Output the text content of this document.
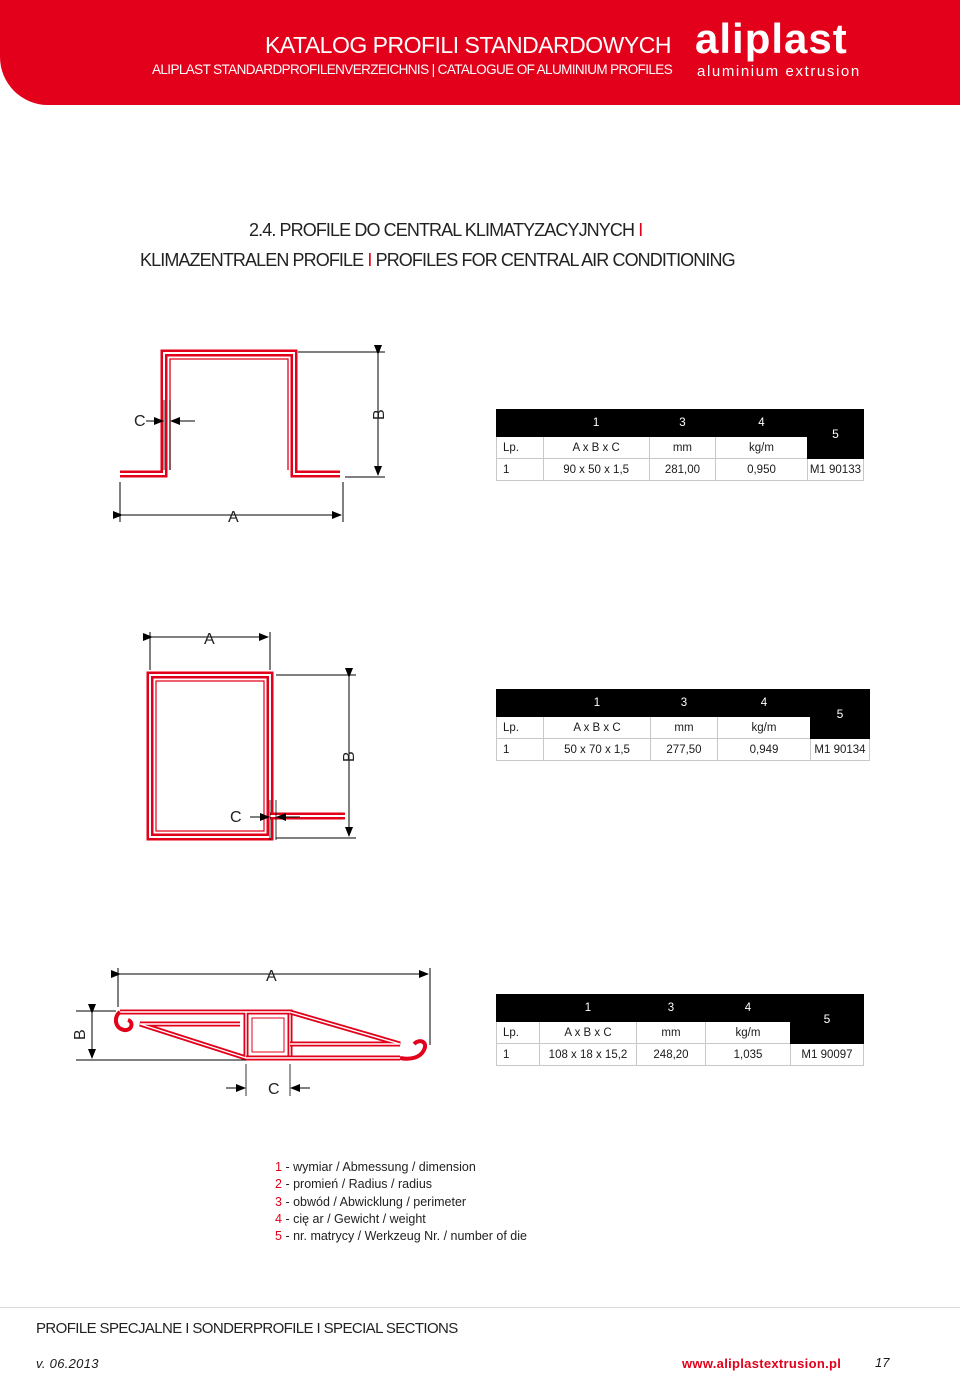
KATALOG PROFILI STANDARDOWYCH
ALIPLAST STANDARDPROFILENVERZEICHNIS | CATALOGUE OF ALUMINIUM PROFILES
aliplast
aluminium extrusion
2.4. PROFILE DO CENTRAL KLIMATYZACYJNYCH I
KLIMAZENTRALEN PROFILE I PROFILES FOR CENTRAL AIR CONDITIONING
C
A
B
A
B
C
A
B
C
	1	3	4	5
Lp.	A x B x C	mm	kg/m	
1	90 x 50 x 1,5	281,00	0,950	M1 90133
	1	3	4	5
Lp.	A x B x C	mm	kg/m	
1	50 x 70 x 1,5	277,50	0,949	M1 90134
	1	3	4	5
Lp.	A x B x C	mm	kg/m	
1	108 x 18 x 15,2	248,20	1,035	M1 90097
1 - wymiar / Abmessung / dimension
2 - promień / Radius / radius
3 - obwód / Abwicklung / perimeter
4 - cię ar / Gewicht / weight
5 - nr. matrycy / Werkzeug Nr. / number of die
PROFILE SPECJALNE I SONDERPROFILE I SPECIAL SECTIONS
v. 06.2013	www.aliplastextrusion.pl	17
